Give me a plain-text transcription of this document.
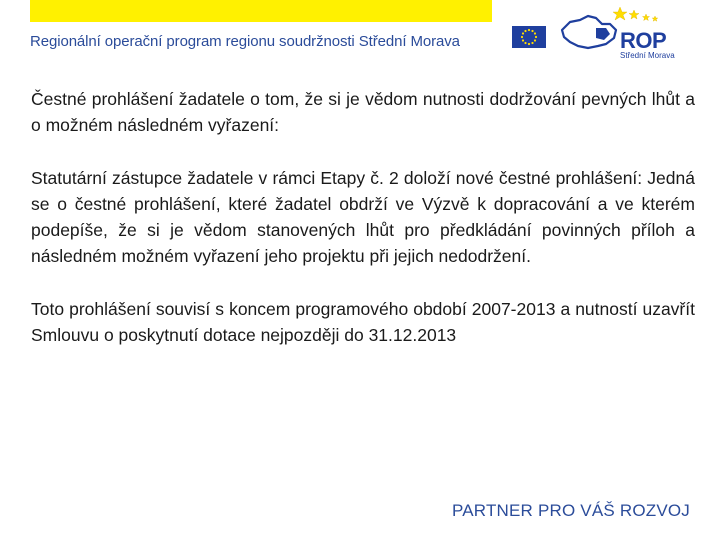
Regionální operační program regionu soudržnosti Střední Morava	ROP
Střední Morava

Čestné prohlášení žadatele o tom, že si je vědom nutnosti dodržování pevných lhůt a o možném následném vyřazení:

Statutární zástupce žadatele v rámci Etapy č. 2 doloží nové čestné prohlášení: Jedná se o čestné prohlášení, které žadatel obdrží ve Výzvě k dopracování a ve kterém podepíše, že si je vědom stanovených lhůt pro předkládání povinných příloh a následném možném vyřazení jeho projektu při jejich nedodržení.

Toto prohlášení souvisí s koncem programového období 2007-2013 a nutností uzavřít Smlouvu o poskytnutí dotace nejpozději do 31.12.2013

PARTNER PRO VÁŠ ROZVOJ
